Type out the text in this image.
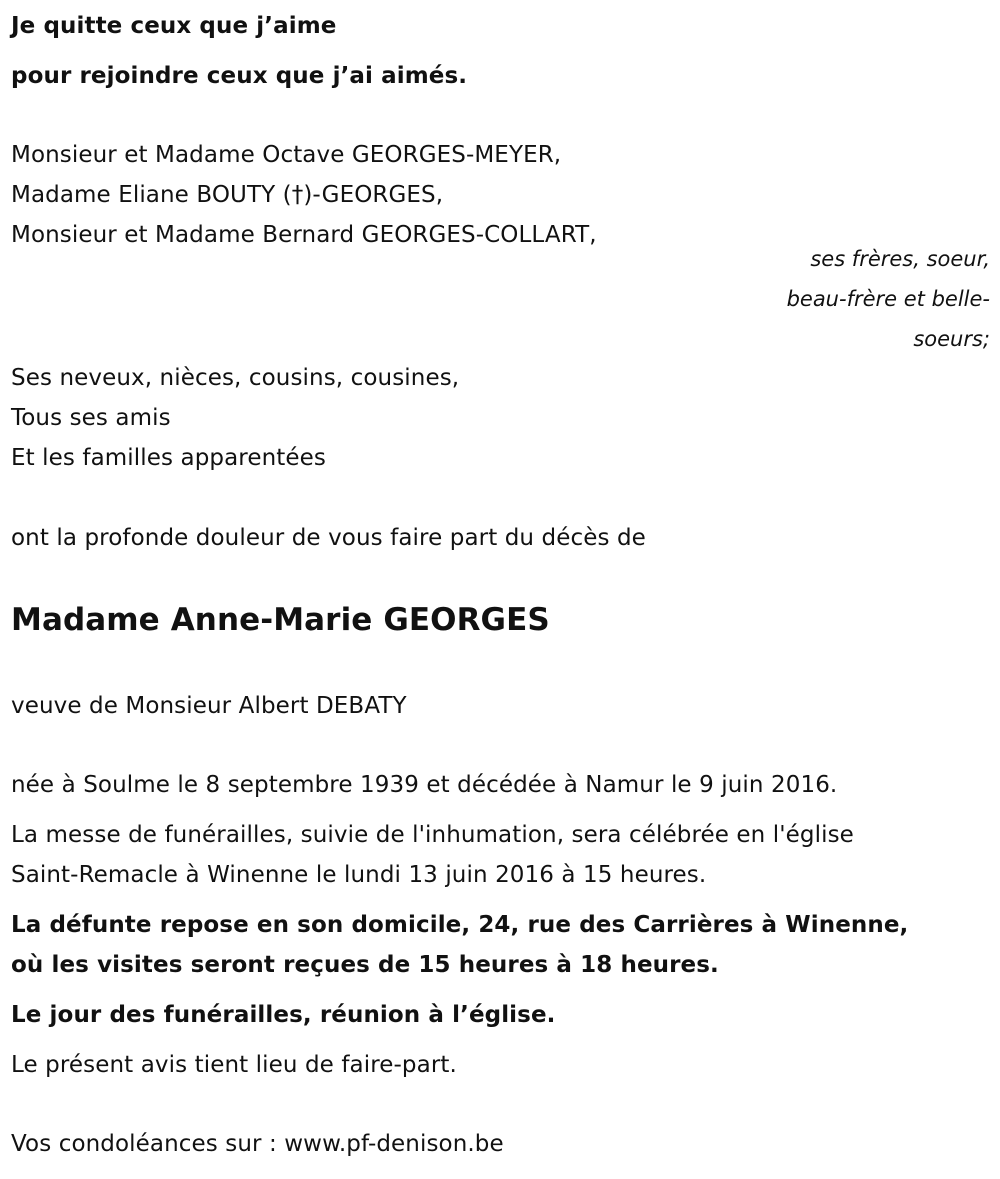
Je quitte ceux que j’aime
pour rejoindre ceux que j’ai aimés.
Monsieur et Madame Octave GEORGES-MEYER,
Madame Eliane BOUTY (†)-GEORGES,
Monsieur et Madame Bernard GEORGES-COLLART,
ses frères, soeur,
beau-frère et belle-
soeurs;
Ses neveux, nièces, cousins, cousines,
Tous ses amis
Et les familles apparentées
ont la profonde douleur de vous faire part du décès de
Madame Anne-Marie GEORGES
veuve de Monsieur Albert DEBATY
née à Soulme le 8 septembre 1939 et décédée à Namur le 9 juin 2016.
La messe de funérailles, suivie de l'inhumation, sera célébrée en l'église
Saint-Remacle à Winenne le lundi 13 juin 2016 à 15 heures.
La défunte repose en son domicile, 24, rue des Carrières à Winenne,
où les visites seront reçues de 15 heures à 18 heures.
Le jour des funérailles, réunion à l’église.
Le présent avis tient lieu de faire-part.
Vos condoléances sur : www.pf-denison.be
